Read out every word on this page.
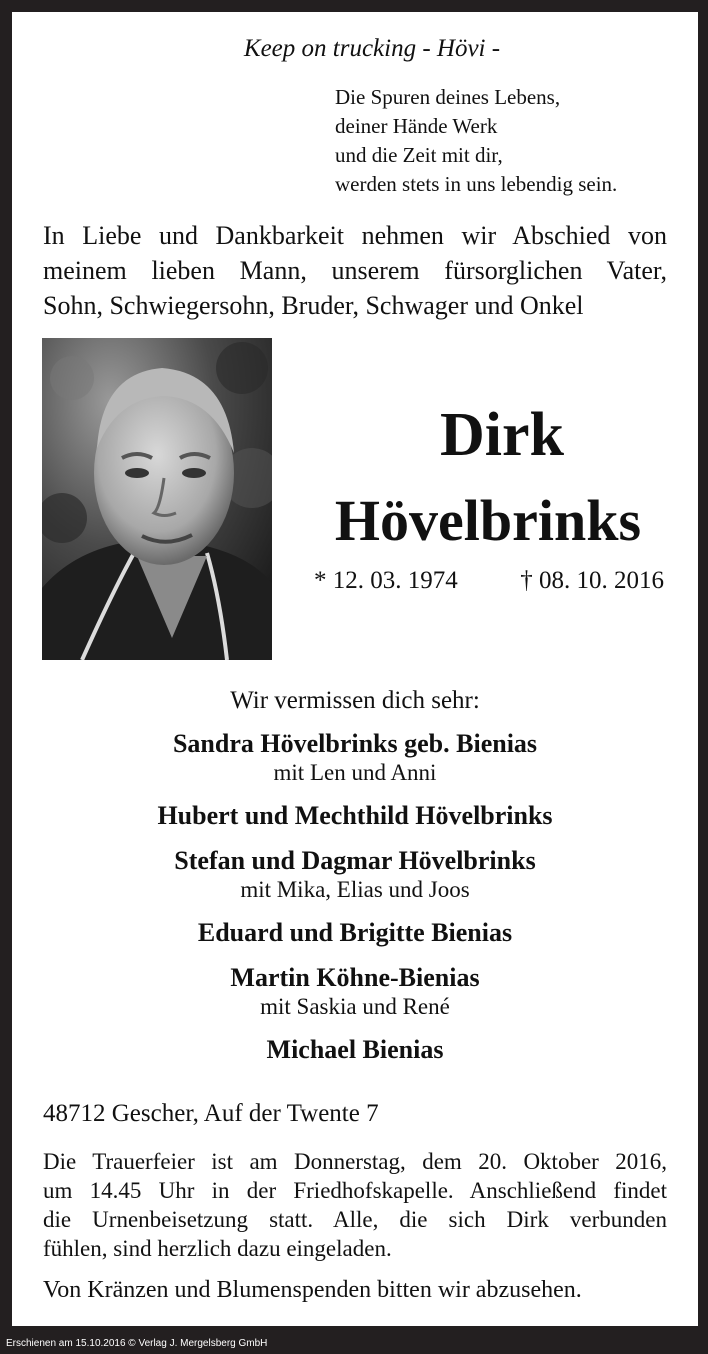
Keep on trucking - Hövi -
Die Spuren deines Lebens,
deiner Hände Werk
und die Zeit mit dir,
werden stets in uns lebendig sein.
In Liebe und Dankbarkeit nehmen wir Abschied von
meinem lieben Mann, unserem fürsorglichen Vater,
Sohn, Schwiegersohn, Bruder, Schwager und Onkel
Dirk
Hövelbrinks
* 12. 03. 1974	† 08. 10. 2016
Wir vermissen dich sehr:
Sandra Hövelbrinks geb. Bienias
mit Len und Anni
Hubert und Mechthild Hövelbrinks
Stefan und Dagmar Hövelbrinks
mit Mika, Elias und Joos
Eduard und Brigitte Bienias
Martin Köhne-Bienias
mit Saskia und René
Michael Bienias
48712 Gescher, Auf der Twente 7
Die Trauerfeier ist am Donnerstag, dem 20. Oktober 2016,
um 14.45 Uhr in der Friedhofskapelle. Anschließend findet
die Urnenbeisetzung statt. Alle, die sich Dirk verbunden
fühlen, sind herzlich dazu eingeladen.
Von Kränzen und Blumenspenden bitten wir abzusehen.
Erschienen am 15.10.2016 © Verlag J. Mergelsberg GmbH
